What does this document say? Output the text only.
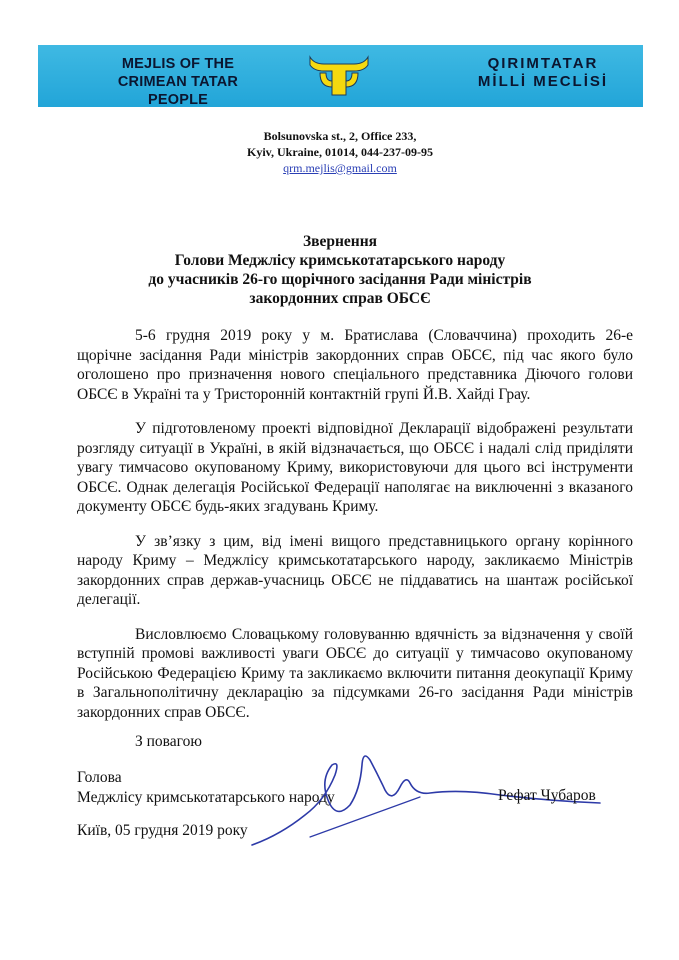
MEJLIS OF THE
CRIMEAN TATAR PEOPLE
QIRIMTATAR
MİLLİ MECLİSİ
Bolsunovska st., 2, Office 233,
Kyiv, Ukraine, 01014, 044-237-09-95
qrm.mejlis@gmail.com
Звернення
Голови Меджлісу кримськотатарського народу
до учасників 26-го щорічного засідання Ради міністрів
закордонних справ ОБСЄ

5-6 грудня 2019 року у м. Братислава (Словаччина) проходить 26-е щорічне засідання Ради міністрів закордонних справ ОБСЄ, під час якого було оголошено про призначення нового спеціального представника Діючого голови ОБСЄ в Україні та у Тристоронній контактній групі Й.В. Хайді Грау.

У підготовленому проекті відповідної Декларації відображені результати розгляду ситуації в Україні, в якій відзначається, що ОБСЄ і надалі слід приділяти увагу тимчасово окупованому Криму, використовуючи для цього всі інструменти ОБСЄ. Однак делегація Російської Федерації наполягає на виключенні з вказаного документу ОБСЄ будь-яких згадувань Криму.

У зв’язку з цим, від імені вищого представницького органу корінного народу Криму – Меджлісу кримськотатарського народу, закликаємо Міністрів закордонних справ держав-учасниць ОБСЄ не піддаватись на шантаж російської делегації.

Висловлюємо Словацькому головуванню вдячність за відзначення у своїй вступній промові важливості уваги ОБСЄ до ситуації у тимчасово окупованому Російською Федерацією Криму та закликаємо включити питання деокупації Криму в Загальнополітичну декларацію за підсумками 26-го засідання Ради міністрів закордонних справ ОБСЄ.

З повагою
Голова
Меджлісу кримськотатарського народу	Рефат Чубаров
Київ, 05 грудня 2019 року
